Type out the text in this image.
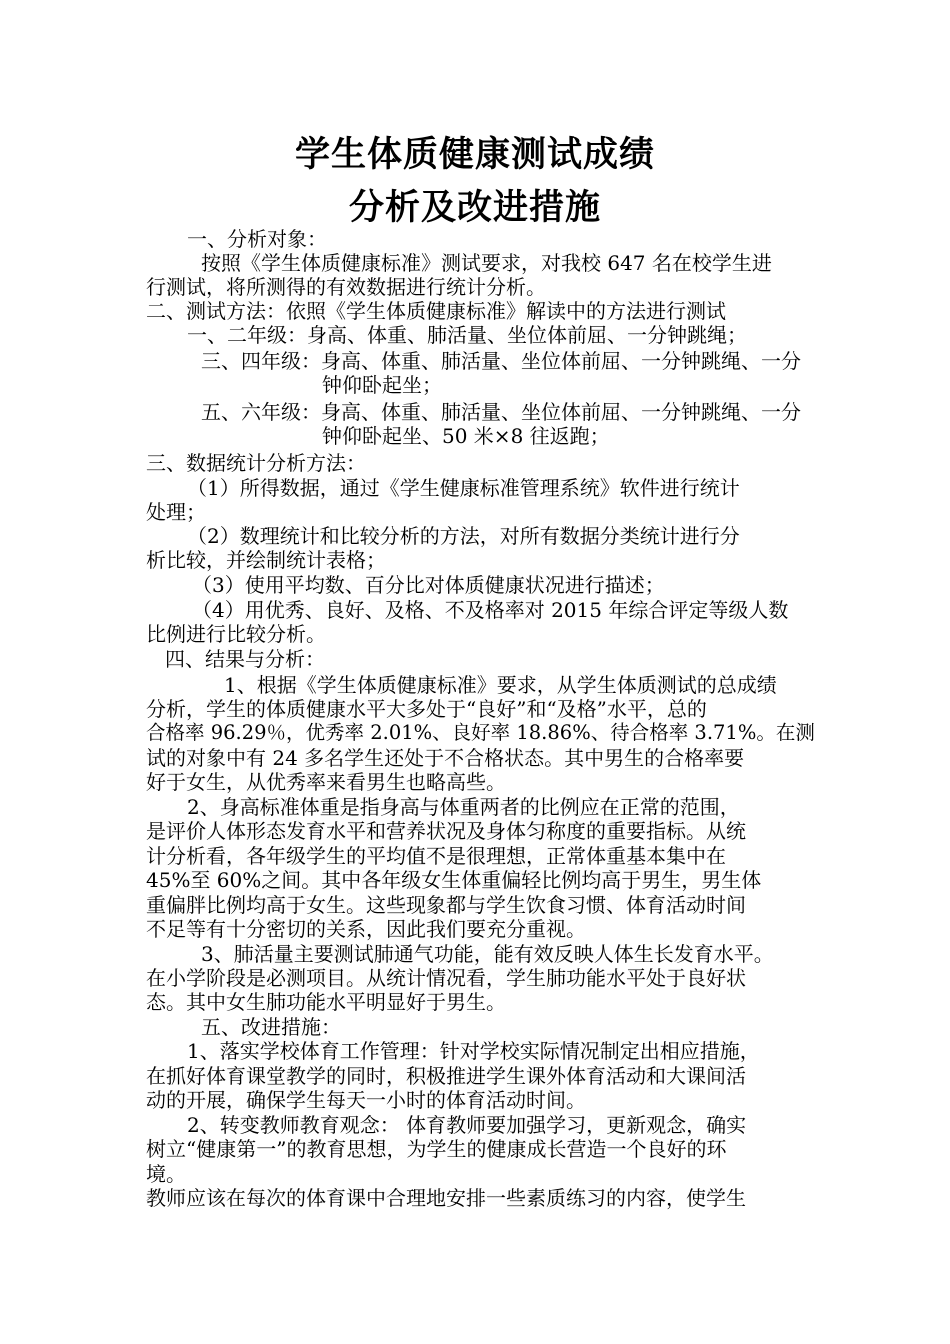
学生体质健康测试成绩
分析及改进措施

一、分析对象：

按照《学生体质健康标准》测试要求，对我校 647 名在校学生进

行测试，将所测得的有效数据进行统计分析。

二、测试方法：依照《学生体质健康标准》解读中的方法进行测试

一、二年级：身高、体重、肺活量、坐位体前屈、一分钟跳绳；

三、四年级：身高、体重、肺活量、坐位体前屈、一分钟跳绳、一分

钟仰卧起坐；

五、六年级：身高、体重、肺活量、坐位体前屈、一分钟跳绳、一分

钟仰卧起坐、50 米×8 往返跑；

三、数据统计分析方法：

（1）所得数据，通过《学生健康标准管理系统》软件进行统计

处理；

（2）数理统计和比较分析的方法，对所有数据分类统计进行分

析比较，并绘制统计表格；

（3）使用平均数、百分比对体质健康状况进行描述；

（4）用优秀、良好、及格、不及格率对 2015 年综合评定等级人数

比例进行比较分析。

四、结果与分析：

1、根据《学生体质健康标准》要求，从学生体质测试的总成绩

分析，学生的体质健康水平大多处于“良好”和“及格”水平，总的

合格率 96.29％，优秀率 2.01%、良好率 18.86%、待合格率 3.71%。在测

试的对象中有 24 多名学生还处于不合格状态。其中男生的合格率要

好于女生，从优秀率来看男生也略高些。

2、身高标准体重是指身高与体重两者的比例应在正常的范围，

是评价人体形态发育水平和营养状况及身体匀称度的重要指标。从统

计分析看，各年级学生的平均值不是很理想，正常体重基本集中在

45%至 60%之间。其中各年级女生体重偏轻比例均高于男生，男生体

重偏胖比例均高于女生。这些现象都与学生饮食习惯、体育活动时间

不足等有十分密切的关系，因此我们要充分重视。

3、肺活量主要测试肺通气功能，能有效反映人体生长发育水平。

在小学阶段是必测项目。从统计情况看，学生肺功能水平处于良好状

态。其中女生肺功能水平明显好于男生。

五、改进措施：

1、落实学校体育工作管理：针对学校实际情况制定出相应措施，

在抓好体育课堂教学的同时，积极推进学生课外体育活动和大课间活

动的开展，确保学生每天一小时的体育活动时间。

2、转变教师教育观念： 体育教师要加强学习，更新观念，确实

树立“健康第一”的教育思想，为学生的健康成长营造一个良好的环

境。

教师应该在每次的体育课中合理地安排一些素质练习的内容，使学生
